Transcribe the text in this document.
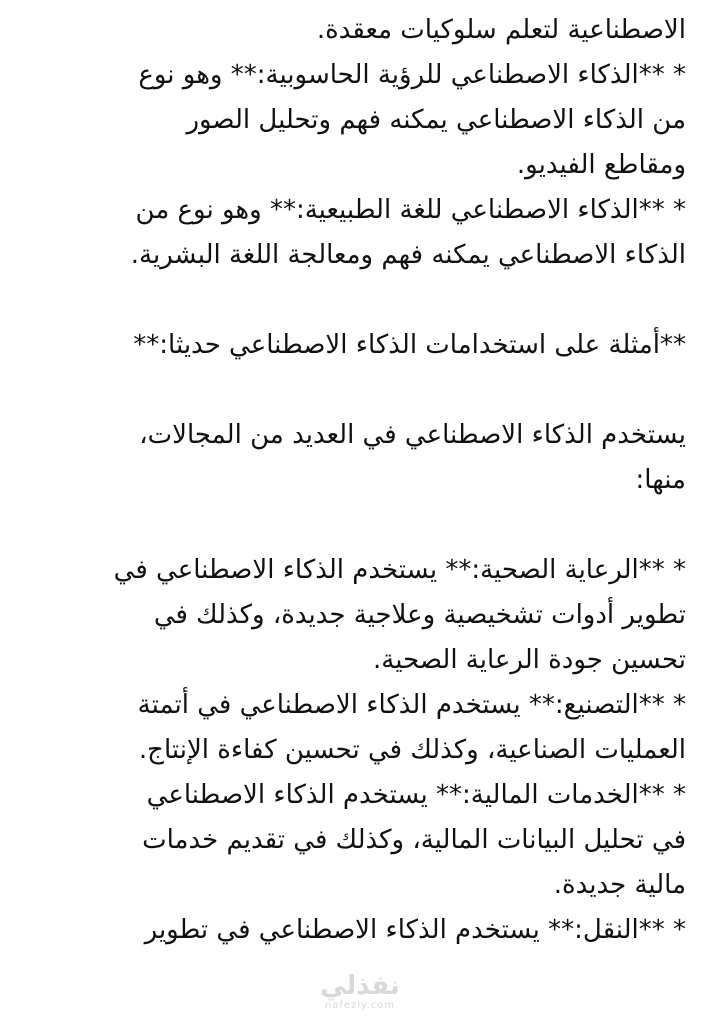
الاصطناعية لتعلم سلوكيات معقدة.
* **الذكاء الاصطناعي للرؤية الحاسوبية:** وهو نوع
من الذكاء الاصطناعي يمكنه فهم وتحليل الصور
ومقاطع الفيديو.
* **الذكاء الاصطناعي للغة الطبيعية:** وهو نوع من
الذكاء الاصطناعي يمكنه فهم ومعالجة اللغة البشرية.
**أمثلة على استخدامات الذكاء الاصطناعي حديثا:**
يستخدم الذكاء الاصطناعي في العديد من المجالات،
منها:
* **الرعاية الصحية:** يستخدم الذكاء الاصطناعي في
تطوير أدوات تشخيصية وعلاجية جديدة، وكذلك في
تحسين جودة الرعاية الصحية.
* **التصنيع:** يستخدم الذكاء الاصطناعي في أتمتة
العمليات الصناعية، وكذلك في تحسين كفاءة الإنتاج.
* **الخدمات المالية:** يستخدم الذكاء الاصطناعي
في تحليل البيانات المالية، وكذلك في تقديم خدمات
مالية جديدة.
* **النقل:** يستخدم الذكاء الاصطناعي في تطوير
نفذلي
nafezly.com
